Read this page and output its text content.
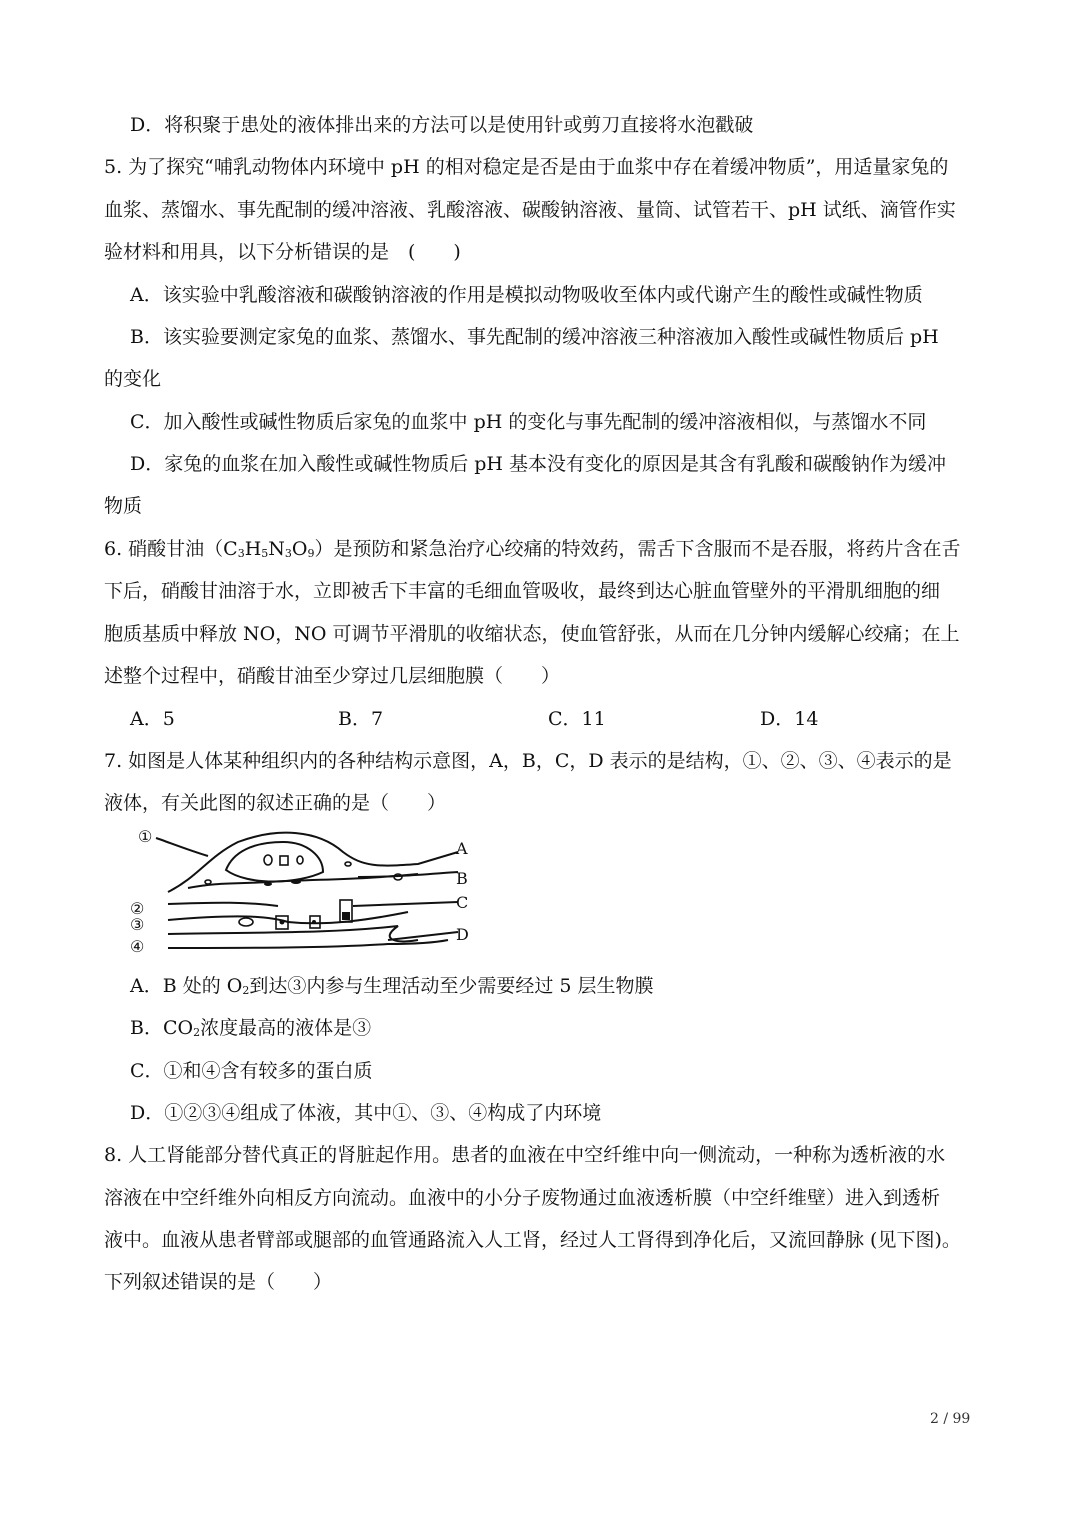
D．将积聚于患处的液体排出来的方法可以是使用针或剪刀直接将水泡戳破
5. 为了探究“哺乳动物体内环境中 pH 的相对稳定是否是由于血浆中存在着缓冲物质”，用适量家兔的
血浆、蒸馏水、事先配制的缓冲溶液、乳酸溶液、碳酸钠溶液、量筒、试管若干、pH 试纸、滴管作实
验材料和用具，以下分析错误的是　(　　)
A．该实验中乳酸溶液和碳酸钠溶液的作用是模拟动物吸收至体内或代谢产生的酸性或碱性物质
B．该实验要测定家兔的血浆、蒸馏水、事先配制的缓冲溶液三种溶液加入酸性或碱性物质后 pH
的变化
C．加入酸性或碱性物质后家兔的血浆中 pH 的变化与事先配制的缓冲溶液相似，与蒸馏水不同
D．家兔的血浆在加入酸性或碱性物质后 pH 基本没有变化的原因是其含有乳酸和碳酸钠作为缓冲
物质
6. 硝酸甘油$(C_3H_5N_3O_9)$是预防和紧急治疗心绞痛的特效药，需舌下含服而不是吞服，将药片含在舌
下后，硝酸甘油溶于水，立即被舌下丰富的毛细血管吸收，最终到达心脏血管壁外的平滑肌细胞的细
胞质基质中释放 NO，NO 可调节平滑肌的收缩状态，使血管舒张，从而在几分钟内缓解心绞痛；在上
述整个过程中，硝酸甘油至少穿过几层细胞膜（　　）
A．5	B．7	C．11	D．14
7. 如图是人体某种组织内的各种结构示意图，A，B，C，D 表示的是结构，①、②、③、④表示的是
液体，有关此图的叙述正确的是（　　）
①
②
③
④
A
B
C
D
A．B 处的 $O_2$到达③内参与生理活动至少需要经过 5 层生物膜
B．$CO_2$浓度最高的液体是③
C．①和④含有较多的蛋白质
D．①②③④组成了体液，其中①、③、④构成了内环境
8. 人工肾能部分替代真正的肾脏起作用。患者的血液在中空纤维中向一侧流动，一种称为透析液的水
溶液在中空纤维外向相反方向流动。血液中的小分子废物通过血液透析膜（中空纤维壁）进入到透析
液中。血液从患者臂部或腿部的血管通路流入人工肾，经过人工肾得到净化后，又流回静脉 (见下图)。
下列叙述错误的是（　　）
2 / 99
